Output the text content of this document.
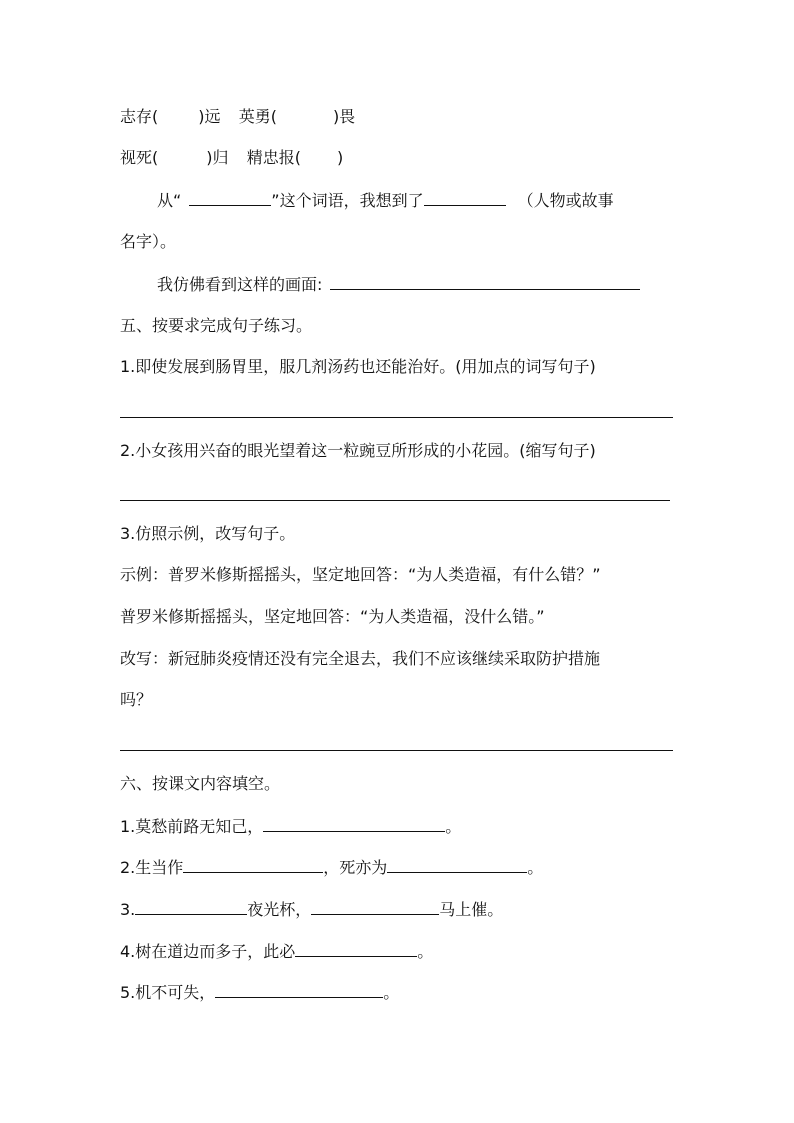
志存(	)远 英勇(	)畏
视死(	)归 精忠报( )
从“	”这个词语，我想到了	（人物或故事
名字）。
我仿佛看到这样的画面:
五、按要求完成句子练习。
1.即使发展到肠胃里，服几剂汤药也还能治好。(用加点的词写句子)
2.小女孩用兴奋的眼光望着这一粒豌豆所形成的小花园。(缩写句子)
3.仿照示例，改写句子。
示例：普罗米修斯摇摇头，坚定地回答：“为人类造福，有什么错？”
普罗米修斯摇摇头，坚定地回答：“为人类造福，没什么错。”
改写：新冠肺炎疫情还没有完全退去，我们不应该继续采取防护措施
吗？
六、按课文内容填空。
1.莫愁前路无知己，	。
2.生当作	，死亦为	。
3.	夜光杯，	马上催。
4.树在道边而多子，此必	。
5.机不可失，	。
